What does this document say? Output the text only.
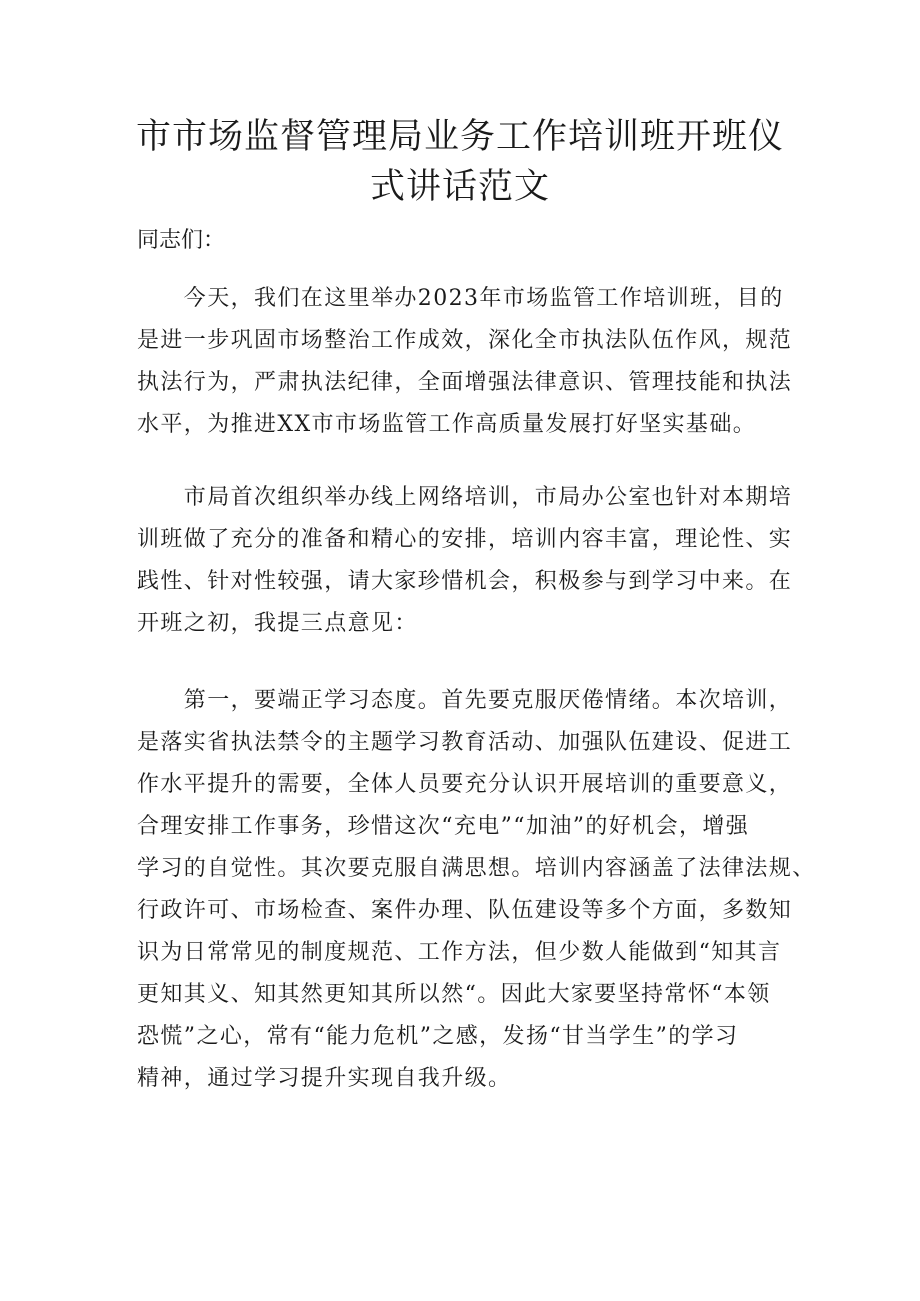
市市场监督管理局业务工作培训班开班仪
式讲话范文

同志们：

　　今天，我们在这里举办2023年市场监管工作培训班，目的
是进一步巩固市场整治工作成效，深化全市执法队伍作风，规范
执法行为，严肃执法纪律，全面增强法律意识、管理技能和执法
水平，为推进XX市市场监管工作高质量发展打好坚实基础。
　　市局首次组织举办线上网络培训，市局办公室也针对本期培
训班做了充分的准备和精心的安排，培训内容丰富，理论性、实
践性、针对性较强，请大家珍惜机会，积极参与到学习中来。在
开班之初，我提三点意见：
　　第一，要端正学习态度。首先要克服厌倦情绪。本次培训，
是落实省执法禁令的主题学习教育活动、加强队伍建设、促进工
作水平提升的需要，全体人员要充分认识开展培训的重要意义，
合理安排工作事务，珍惜这次“充电”“加油”的好机会，增强
学习的自觉性。其次要克服自满思想。培训内容涵盖了法律法规、
行政许可、市场检查、案件办理、队伍建设等多个方面，多数知
识为日常常见的制度规范、工作方法，但少数人能做到“知其言
更知其义、知其然更知其所以然“。因此大家要坚持常怀“本领
恐慌”之心，常有“能力危机”之感，发扬“甘当学生”的学习
精神，通过学习提升实现自我升级。
